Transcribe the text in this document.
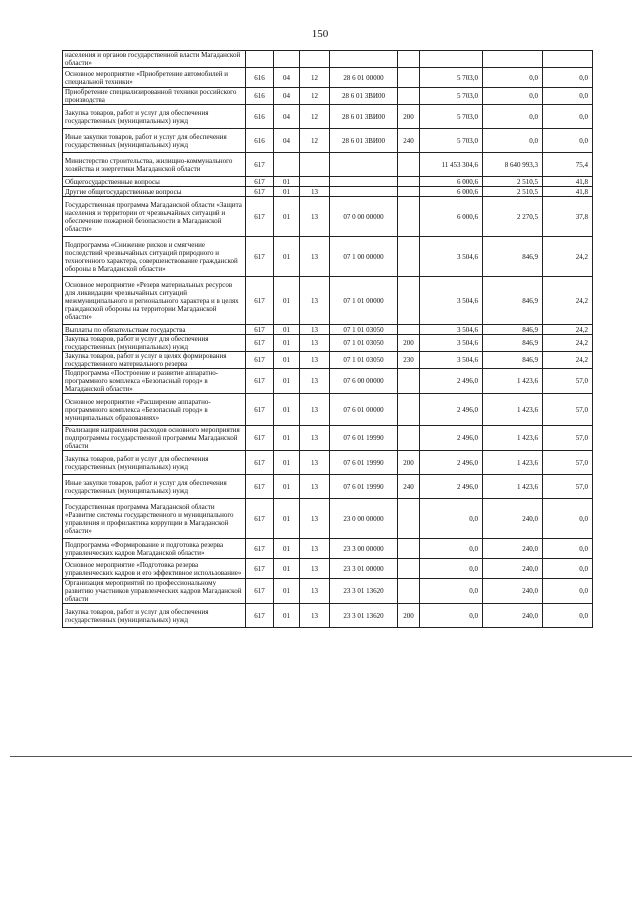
150
населения и органов государственной власти Магаданской области»								
Основное мероприятие «Приобретение автомобилей и специальной техники»	616	04	12	28 6 01 00000		5 703,0	0,0	0,0
Приобретение специализированной техники российского производства	616	04	12	28 6 01 3ВИ00		5 703,0	0,0	0,0
Закупка товаров, работ и услуг для обеспечения государственных (муниципальных) нужд	616	04	12	28 6 01 3ВИ00	200	5 703,0	0,0	0,0
Иные закупки товаров, работ и услуг для обеспечения государственных (муниципальных) нужд	616	04	12	28 6 01 3ВИ00	240	5 703,0	0,0	0,0
Министерство строительства, жилищно-коммунального хозяйства и энергетики Магаданской области	617					11 453 304,6	8 640 993,3	75,4
Общегосударственные вопросы	617	01				6 000,6	2 510,5	41,8
Другие общегосударственные вопросы	617	01	13			6 000,6	2 510,5	41,8
Государственная программа Магаданской области «Защита населения и территории от чрезвычайных ситуаций и обеспечение пожарной безопасности в Магаданской области»	617	01	13	07 0 00 00000		6 000,6	2 270,5	37,8
Подпрограмма «Снижение рисков и смягчение последствий чрезвычайных ситуаций природного и техногенного характера, совершенствование гражданской обороны в Магаданской области»	617	01	13	07 1 00 00000		3 504,6	846,9	24,2
Основное мероприятие «Резерв материальных ресурсов для ликвидации чрезвычайных ситуаций межмуниципального и регионального характера и в целях гражданской обороны на территории Магаданской области»	617	01	13	07 1 01 00000		3 504,6	846,9	24,2
Выплаты по обязательствам государства	617	01	13	07 1 01 03050		3 504,6	846,9	24,2
Закупка товаров, работ и услуг для обеспечения государственных (муниципальных) нужд	617	01	13	07 1 01 03050	200	3 504,6	846,9	24,2
Закупка товаров, работ и услуг в целях формирования государственного материального резерва	617	01	13	07 1 01 03050	230	3 504,6	846,9	24,2
Подпрограмма «Построение и развитие аппаратно-программного комплекса «Безопасный город» в Магаданской области»	617	01	13	07 6 00 00000		2 496,0	1 423,6	57,0
Основное мероприятие «Расширение аппаратно-программного комплекса «Безопасный город» в муниципальных образованиях»	617	01	13	07 6 01 00000		2 496,0	1 423,6	57,0
Реализация направления расходов основного мероприятия подпрограммы государственной программы Магаданской области	617	01	13	07 6 01 19990		2 496,0	1 423,6	57,0
Закупка товаров, работ и услуг для обеспечения государственных (муниципальных) нужд	617	01	13	07 6 01 19990	200	2 496,0	1 423,6	57,0
Иные закупки товаров, работ и услуг для обеспечения государственных (муниципальных) нужд	617	01	13	07 6 01 19990	240	2 496,0	1 423,6	57,0
Государственная программа Магаданской области «Развитие системы государственного и муниципального управления и профилактика коррупции в Магаданской области»	617	01	13	23 0 00 00000		0,0	240,0	0,0
Подпрограмма «Формирование и подготовка резерва управленческих кадров Магаданской области»	617	01	13	23 3 00 00000		0,0	240,0	0,0
Основное мероприятие «Подготовка резерва управленческих кадров и его эффективное использование»	617	01	13	23 3 01 00000		0,0	240,0	0,0
Организация мероприятий по профессиональному развитию участников управленческих кадров Магаданской области	617	01	13	23 3 01 13620		0,0	240,0	0,0
Закупка товаров, работ и услуг для обеспечения государственных (муниципальных) нужд	617	01	13	23 3 01 13620	200	0,0	240,0	0,0
